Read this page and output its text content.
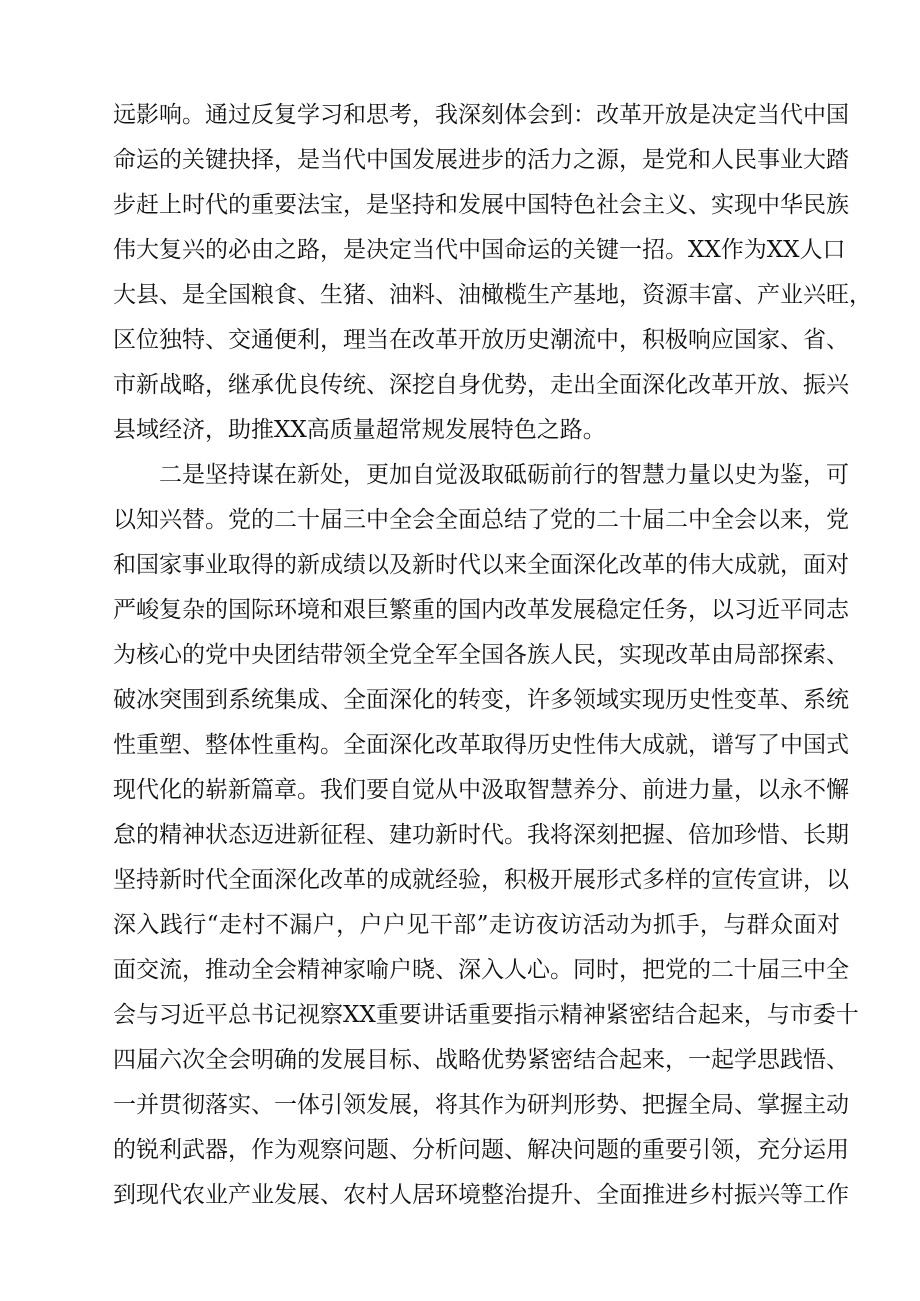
远影响。通过反复学习和思考，我深刻体会到：改革开放是决定当代中国
命运的关键抉择，是当代中国发展进步的活力之源，是党和人民事业大踏
步赶上时代的重要法宝，是坚持和发展中国特色社会主义、实现中华民族
伟大复兴的必由之路，是决定当代中国命运的关键一招。XX作为XX人口
大县、是全国粮食、生猪、油料、油橄榄生产基地，资源丰富、产业兴旺，
区位独特、交通便利，理当在改革开放历史潮流中，积极响应国家、省、
市新战略，继承优良传统、深挖自身优势，走出全面深化改革开放、振兴
县域经济，助推XX高质量超常规发展特色之路。
二是坚持谋在新处，更加自觉汲取砥砺前行的智慧力量以史为鉴，可
以知兴替。党的二十届三中全会全面总结了党的二十届二中全会以来，党
和国家事业取得的新成绩以及新时代以来全面深化改革的伟大成就，面对
严峻复杂的国际环境和艰巨繁重的国内改革发展稳定任务，以习近平同志
为核心的党中央团结带领全党全军全国各族人民，实现改革由局部探索、
破冰突围到系统集成、全面深化的转变，许多领域实现历史性变革、系统
性重塑、整体性重构。全面深化改革取得历史性伟大成就，谱写了中国式
现代化的崭新篇章。我们要自觉从中汲取智慧养分、前进力量，以永不懈
怠的精神状态迈进新征程、建功新时代。我将深刻把握、倍加珍惜、长期
坚持新时代全面深化改革的成就经验，积极开展形式多样的宣传宣讲，以
深入践行“走村不漏户，户户见干部”走访夜访活动为抓手，与群众面对
面交流，推动全会精神家喻户晓、深入人心。同时，把党的二十届三中全
会与习近平总书记视察XX重要讲话重要指示精神紧密结合起来，与市委十
四届六次全会明确的发展目标、战略优势紧密结合起来，一起学思践悟、
一并贯彻落实、一体引领发展，将其作为研判形势、把握全局、掌握主动
的锐利武器，作为观察问题、分析问题、解决问题的重要引领，充分运用
到现代农业产业发展、农村人居环境整治提升、全面推进乡村振兴等工作
